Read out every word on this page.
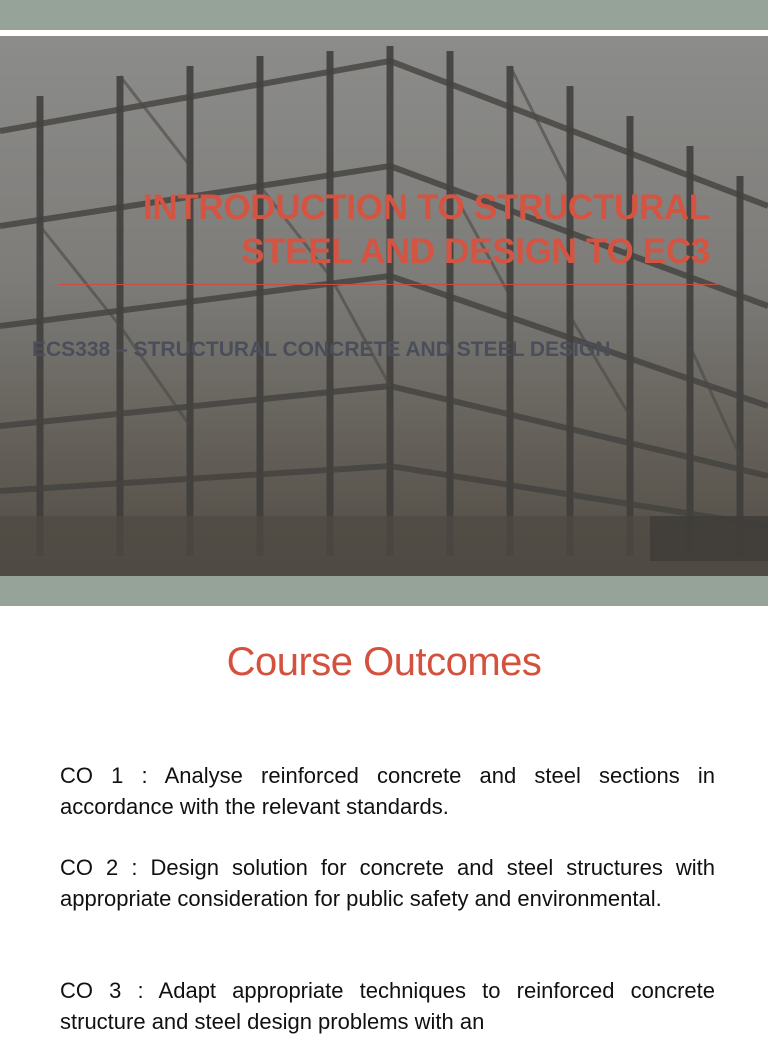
INTRODUCTION TO STRUCTURAL
STEEL AND DESIGN TO EC3

ECS338 – STRUCTURAL CONCRETE AND STEEL DESIGN

Course Outcomes

CO 1 : Analyse reinforced concrete and steel sections in accordance with the relevant standards.

CO 2 : Design solution for concrete and steel structures with appropriate consideration for public safety and environmental.

CO 3 : Adapt appropriate techniques to reinforced concrete structure and steel design problems with an
